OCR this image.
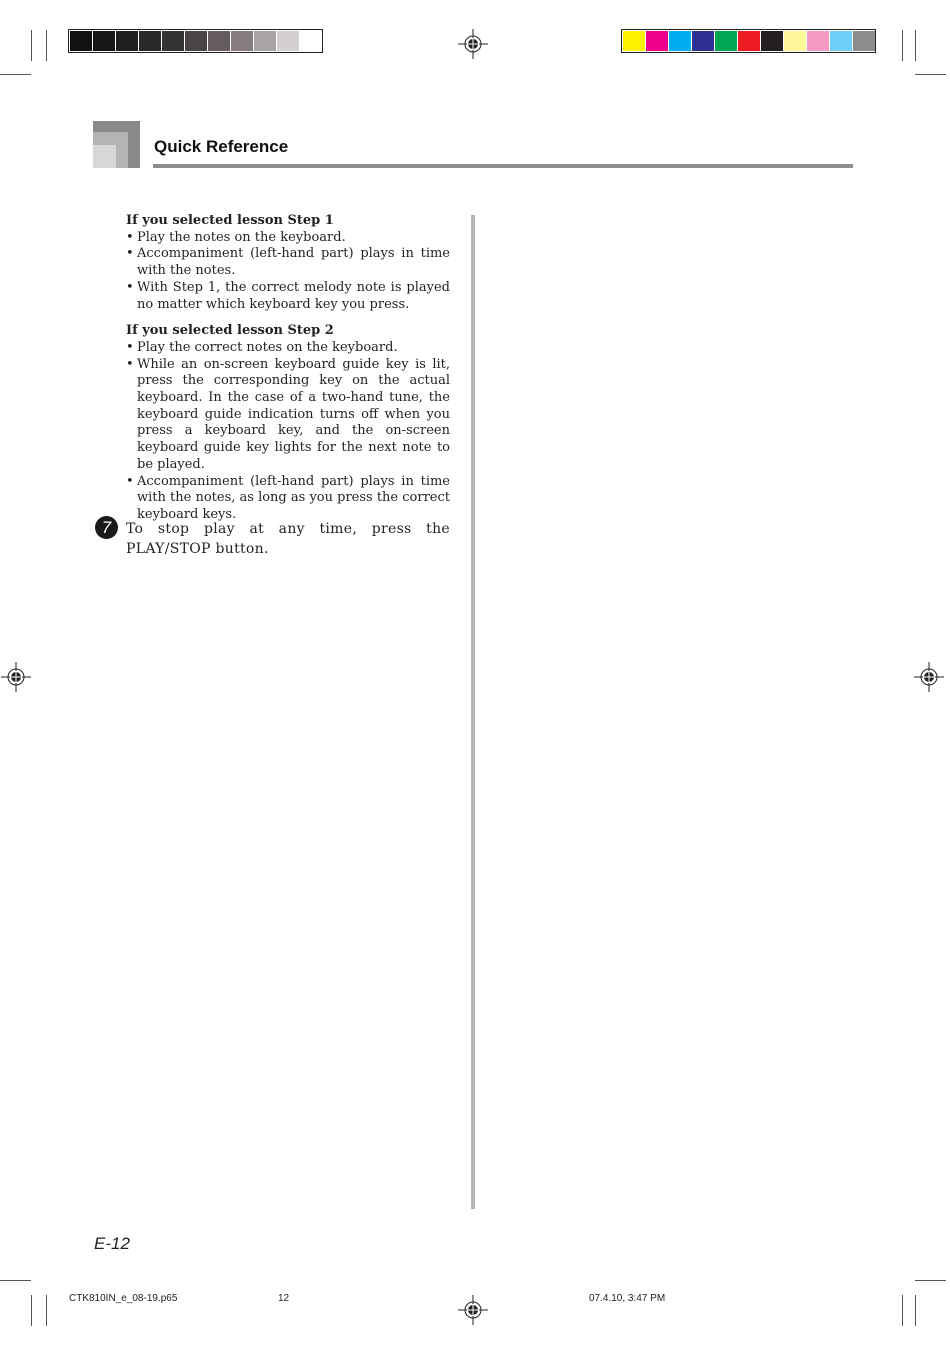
Quick Reference

If you selected lesson Step 1

• Play the notes on the keyboard.

• Accompaniment (left-hand part) plays in time with the notes.

• With Step 1, the correct melody note is played no matter which keyboard key you press.

If you selected lesson Step 2

• Play the correct notes on the keyboard.

• While an on-screen keyboard guide key is lit, press the corresponding key on the actual keyboard. In the case of a two-hand tune, the keyboard guide indication turns off when you press a keyboard key, and the on-screen keyboard guide key lights for the next note to be played.

• Accompaniment (left-hand part) plays in time with the notes, as long as you press the correct keyboard keys.

7	To stop play at any time, press the PLAY/STOP button.
E-12
CTK810IN_e_08-19.p65	12	07.4.10, 3:47 PM
